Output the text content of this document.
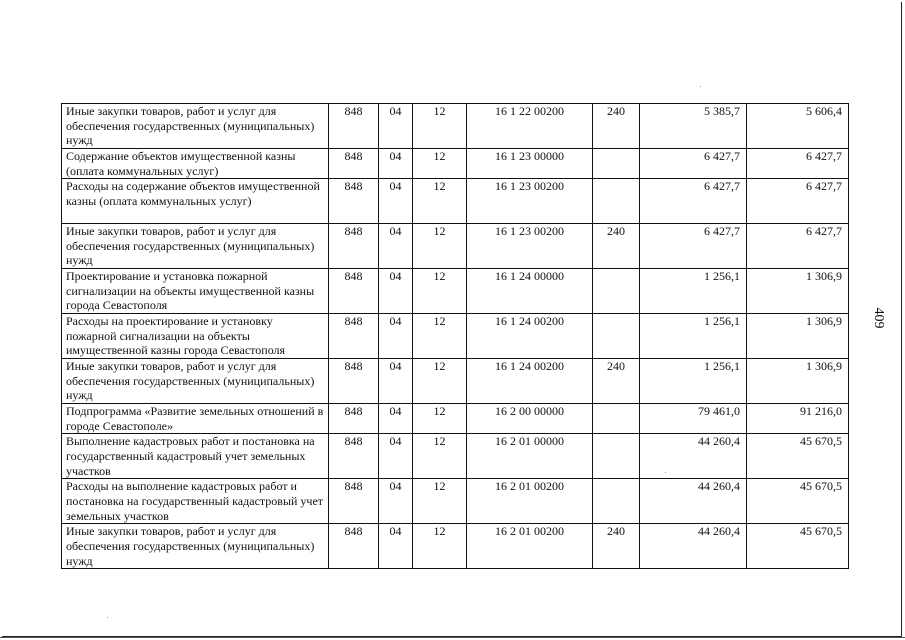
Иные закупки товаров, работ и услуг для обеспечения государственных (муниципальных) нужд	848	04	12	16 1 22 00200	240	5 385,7	5 606,4
Содержание объектов имущественной казны (оплата коммунальных услуг)	848	04	12	16 1 23 00000		6 427,7	6 427,7
Расходы на содержание объектов имущественной казны (оплата коммунальных услуг)	848	04	12	16 1 23 00200		6 427,7	6 427,7
Иные закупки товаров, работ и услуг для обеспечения государственных (муниципальных) нужд	848	04	12	16 1 23 00200	240	6 427,7	6 427,7
Проектирование и установка пожарной сигнализации на объекты имущественной казны города Севастополя	848	04	12	16 1 24 00000		1 256,1	1 306,9
Расходы на проектирование и установку пожарной сигнализации на объекты имущественной казны города Севастополя	848	04	12	16 1 24 00200		1 256,1	1 306,9
Иные закупки товаров, работ и услуг для обеспечения государственных (муниципальных) нужд	848	04	12	16 1 24 00200	240	1 256,1	1 306,9
Подпрограмма «Развитие земельных отношений в городе Севастополе»	848	04	12	16 2 00 00000		79 461,0	91 216,0
Выполнение кадастровых работ и постановка на государственный кадастровый учет земельных участков	848	04	12	16 2 01 00000		44 260,4	45 670,5
Расходы на выполнение кадастровых работ и постановка на государственный кадастровый учет земельных участков	848	04	12	16 2 01 00200		44 260,4	45 670,5
Иные закупки товаров, работ и услуг для обеспечения государственных (муниципальных) нужд	848	04	12	16 2 01 00200	240	44 260,4	45 670,5
409
